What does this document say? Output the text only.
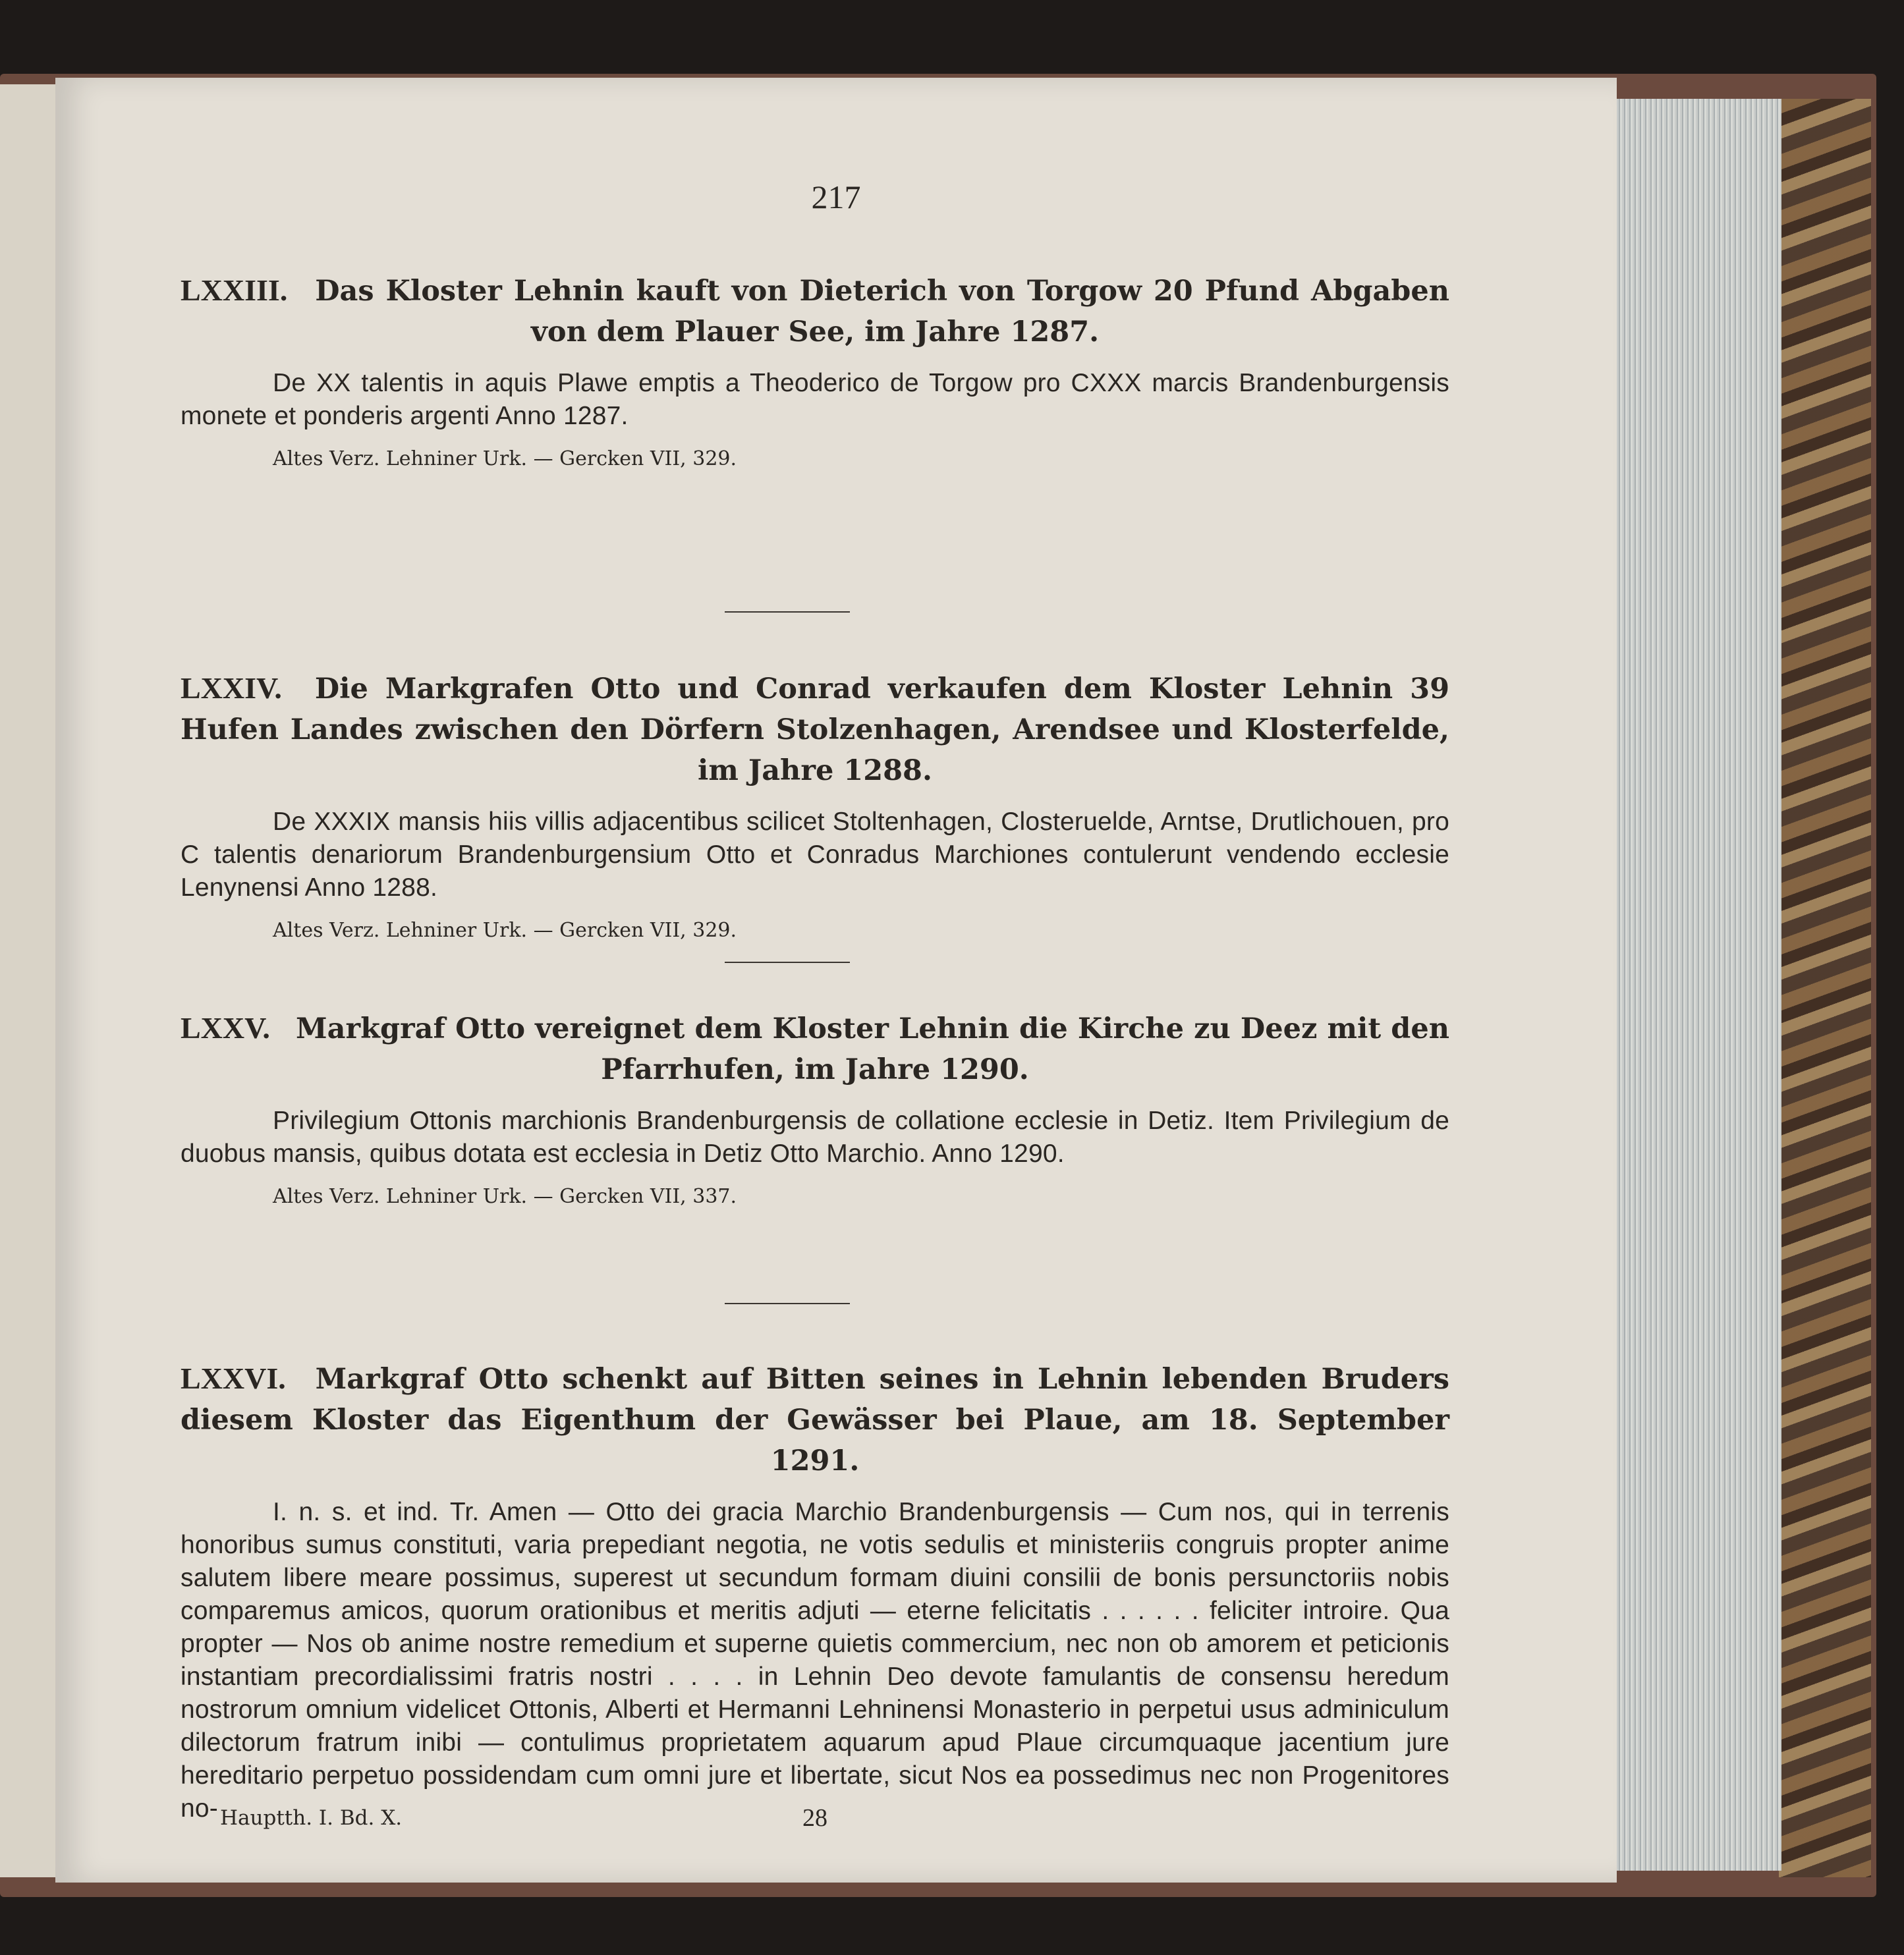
217
LXXIII. Das Kloster Lehnin kauft von Dieterich von Torgow 20 Pfund Abgaben von dem Plauer See, im Jahre 1287.

De XX talentis in aquis Plawe emptis a Theoderico de Torgow pro CXXX marcis Brandenburgensis monete et ponderis argenti Anno 1287.

Altes Verz. Lehniner Urk. — Gercken VII, 329.
LXXIV. Die Markgrafen Otto und Conrad verkaufen dem Kloster Lehnin 39 Hufen Landes zwischen den Dörfern Stolzenhagen, Arendsee und Klosterfelde, im Jahre 1288.

De XXXIX mansis hiis villis adjacentibus scilicet Stoltenhagen, Closteruelde, Arntse, Drutlichouen, pro C talentis denariorum Brandenburgensium Otto et Conradus Marchiones contulerunt vendendo ecclesie Lenynensi Anno 1288.

Altes Verz. Lehniner Urk. — Gercken VII, 329.
LXXV. Markgraf Otto vereignet dem Kloster Lehnin die Kirche zu Deez mit den Pfarrhufen, im Jahre 1290.

Privilegium Ottonis marchionis Brandenburgensis de collatione ecclesie in Detiz. Item Privilegium de duobus mansis, quibus dotata est ecclesia in Detiz Otto Marchio. Anno 1290.

Altes Verz. Lehniner Urk. — Gercken VII, 337.
LXXVI. Markgraf Otto schenkt auf Bitten seines in Lehnin lebenden Bruders diesem Kloster das Eigenthum der Gewässer bei Plaue, am 18. September 1291.

I. n. s. et ind. Tr. Amen — Otto dei gracia Marchio Brandenburgensis — Cum nos, qui in terrenis honoribus sumus constituti, varia prepediant negotia, ne votis sedulis et ministeriis congruis propter anime salutem libere meare possimus, superest ut secundum formam diuini consilii de bonis persunctoriis nobis comparemus amicos, quorum orationibus et meritis adjuti — eterne felicitatis . . . . . . feliciter introire. Qua propter — Nos ob anime nostre remedium et superne quietis commercium, nec non ob amorem et peticionis instantiam precordialissimi fratris nostri . . . . in Lehnin Deo devote famulantis de consensu heredum nostrorum omnium videlicet Ottonis, Alberti et Hermanni Lehninensi Monasterio in perpetui usus adminiculum dilectorum fratrum inibi — contulimus proprietatem aquarum apud Plaue circumquaque jacentium jure hereditario perpetuo possidendam cum omni jure et libertate, sicut Nos ea possedimus nec non Progenitores no- Hauptth. I. Bd. X.	28
